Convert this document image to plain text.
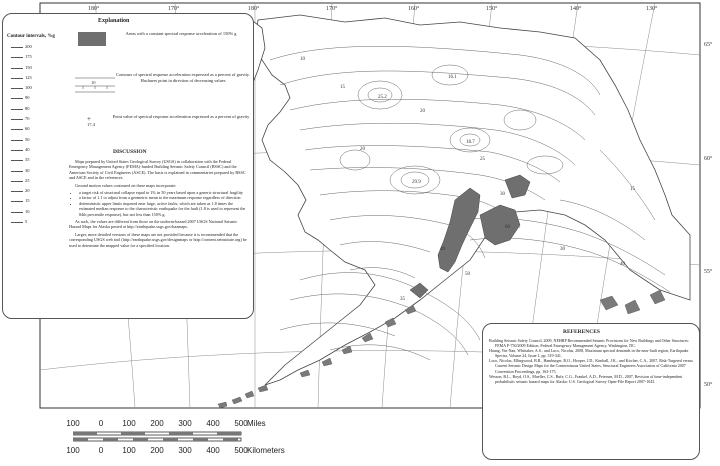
180°	170°	180°	170°	160°	150°	140°	130°
65°
60°
55°
50°
10
15
20
25
30
40
50
60
35
20
30
25.2
16.1
29.9
18.7
40
15
Explanation
Contour intervals, %g
200
175
150
125
100
90
80
70
60
50
40
35
30
25
20
15
10
5
Areas with a constant spectral response acceleration of 150% g
10
Contours of spectral response acceleration expressed as a percent of gravity. Hachures point in direction of decreasing values
+
17.4
Point value of spectral response acceleration expressed as a percent of gravity
DISCUSSION

Maps prepared by United States Geological Survey (USGS) in collaboration with the Federal Emergency Management Agency (FEMA)-funded Building Seismic Safety Council (BSSC) and the American Society of Civil Engineers (ASCE). The basis is explained in commentaries prepared by BSSC and ASCE and in the references.

Ground motion values contoured on these maps incorporate:

• a target risk of structural collapse equal to 1% in 50 years based upon a generic structural fragility
• a factor of 1.1 to adjust from a geometric mean to the maximum response regardless of direction
• deterministic upper limits imposed near large, active faults, which are taken as 1.8 times the estimated median response to the characteristic earthquake for the fault (1.8 is used to represent the 84th percentile response), but not less than 150% g.

As such, the values are different from those on the uniform-hazard 2007 USGS National Seismic Hazard Maps for Alaska posted at http://earthquake.usgs.gov/hazmaps.

Larger, more detailed versions of these maps are not provided because it is recommended that the corresponding USGS web tool (http://earthquake.usgs.gov/designmaps or http://content.seinstitute.org) be used to determine the mapped value for a specified location.

REFERENCES
Building Seismic Safety Council, 2009, NEHRP Recommended Seismic Provisions for New Buildings and Other Structures: FEMA P-750/2009 Edition, Federal Emergency Management Agency, Washington, DC.
Huang, Yin-Nan, Whittaker, A.S., and Luco, Nicolas, 2008, Maximum spectral demands in the near-fault region, Earthquake Spectra, Volume 24, Issue 1, pp. 319-341.
Luco, Nicolas, Ellingwood, B.R., Hamburger, R.O., Hooper, J.D., Kimball, J.K., and Kircher, C.A., 2007, Risk-Targeted versus Current Seismic Design Maps for the Conterminous United States, Structural Engineers Association of California 2007 Convention Proceedings, pp. 163-175.
Wesson, R.L., Boyd, O.S., Mueller, C.S., Bufe, C.G., Frankel, A.D., Petersen, M.D., 2007, Revision of time-independent probabilistic seismic hazard maps for Alaska: U.S. Geological Survey Open-File Report 2007-1043.
100 0 100 200 300 400 500 Miles
100 0 100 200 300 400 500 Kilometers
